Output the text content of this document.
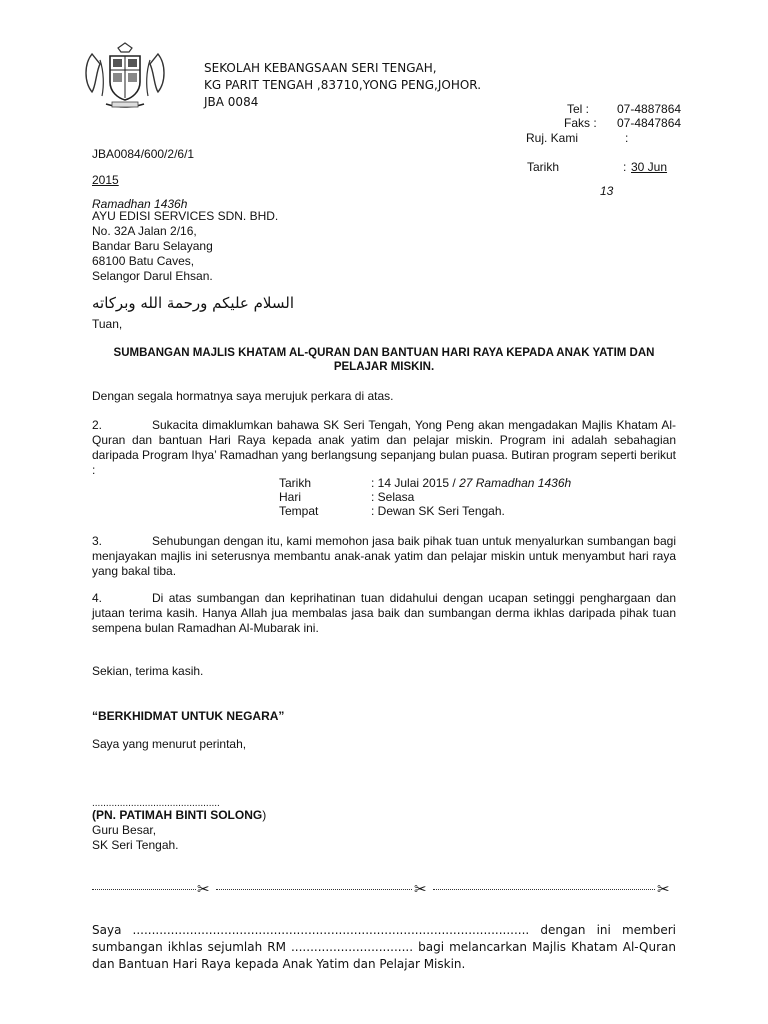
SEKOLAH KEBANGSAAN SERI TENGAH,
KG PARIT TENGAH ,83710,YONG PENG,JOHOR.
JBA 0084	Tel : 07-4887864
Faks : 07-4847864
Ruj. Kami	:
JBA0084/600/2/6/1
Tarikh	: 30 Jun
2015
13
Ramadhan 1436h
AYU EDISI SERVICES SDN. BHD.
No. 32A Jalan 2/16,
Bandar Baru Selayang
68100 Batu Caves,
Selangor Darul Ehsan.
السلام عليكم ورحمة الله وبركاته
Tuan,
SUMBANGAN MAJLIS KHATAM AL-QURAN DAN BANTUAN HARI RAYA KEPADA ANAK YATIM DAN
PELAJAR MISKIN.
Dengan segala hormatnya saya merujuk perkara di atas.
2.	Sukacita dimaklumkan bahawa SK Seri Tengah, Yong Peng akan mengadakan Majlis Khatam Al-Quran dan bantuan Hari Raya kepada anak yatim dan pelajar miskin. Program ini adalah sebahagian daripada Program Ihya’ Ramadhan yang berlangsung sepanjang bulan puasa. Butiran program seperti berikut :
Tarikh	: 14 Julai 2015 / 27 Ramadhan 1436h
Hari	: Selasa
Tempat	: Dewan SK Seri Tengah.
3.	Sehubungan dengan itu, kami memohon jasa baik pihak tuan untuk menyalurkan sumbangan bagi menjayakan majlis ini seterusnya membantu anak-anak yatim dan pelajar miskin untuk menyambut hari raya yang bakal tiba.
4.	Di atas sumbangan dan keprihatinan tuan didahului dengan ucapan setinggi penghargaan dan jutaan terima kasih. Hanya Allah jua membalas jasa baik dan sumbangan derma ikhlas daripada pihak tuan sempena bulan Ramadhan Al-Mubarak ini.
Sekian, terima kasih.
“BERKHIDMAT UNTUK NEGARA”
Saya yang menurut perintah,
..............................................
(PN. PATIMAH BINTI SOLONG)
Guru Besar,
SK Seri Tengah.
✂	✂	✂
Saya ........................................................................................................ dengan ini memberi sumbangan ikhlas sejumlah RM ................................ bagi melancarkan Majlis Khatam Al-Quran dan Bantuan Hari Raya kepada Anak Yatim dan Pelajar Miskin.
